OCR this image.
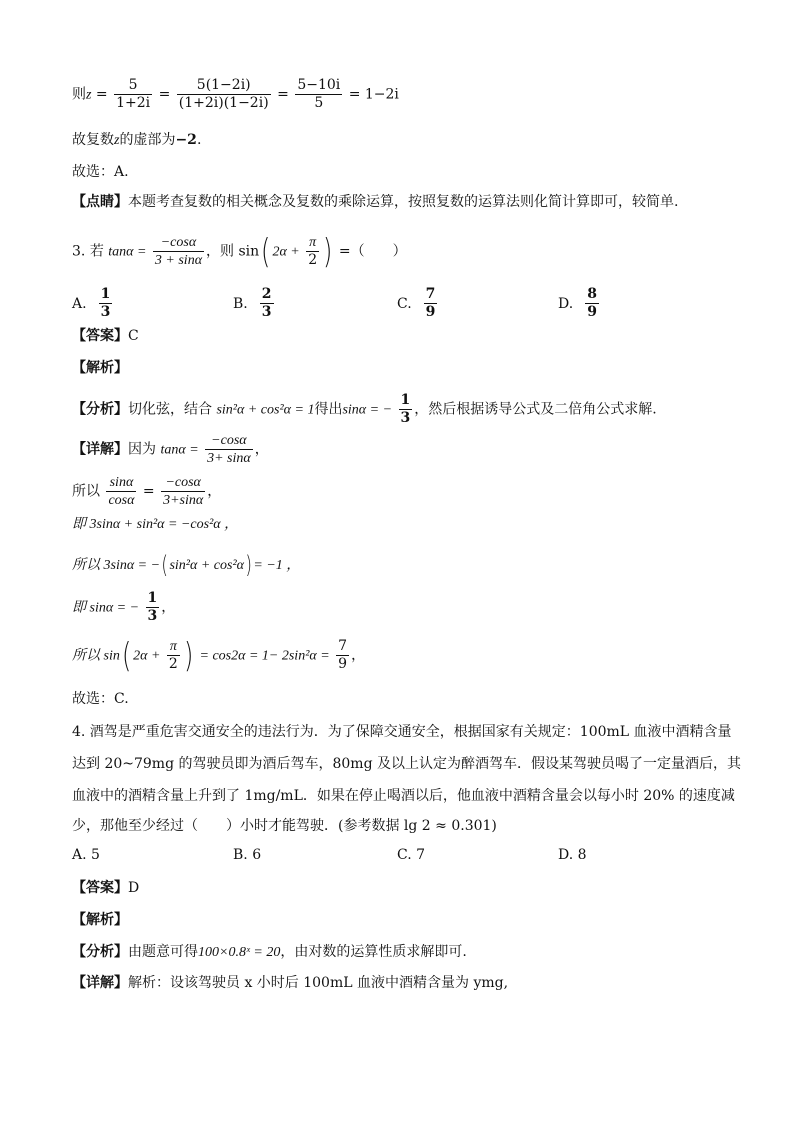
则$z = \frac{5}{1+2i} = \frac{5(1-2i)}{(1+2i)(1-2i)} = \frac{5-10i}{5} = 1-2i$
故复数z的虚部为−2.
故选：A.
【点睛】本题考查复数的相关概念及复数的乘除运算，按照复数的运算法则化简计算即可，较简单.
3. 若 $\tan\alpha = \frac{-\cos\alpha}{3 + \sin\alpha}$ ，则 sin( $2\alpha + \frac{\pi}{2}$ ) =（　　）
A. $\frac{1}{3}$	B. $\frac{2}{3}$	C. $\frac{7}{9}$	D. $\frac{8}{9}$
【答案】C
【解析】
【分析】切化弦，结合 sin²α + cos²α = 1得出sinα = − $\frac{1}{3}$ ，然后根据诱导公式及二倍角公式求解.
【详解】因为 $\tan\alpha = \frac{-\cos\alpha}{3+ \sin\alpha}$ ，
所以 $\frac{\sin\alpha}{\cos\alpha} = \frac{-\cos\alpha}{3+\sin\alpha}$ ，
即 3sinα + sin²α = −cos²α ，
所以 3sinα = −(sin²α + cos²α)= −1 ，
即 sinα = − $\frac{1}{3}$ ，
所以 sin( $2\alpha + \frac{\pi}{2}$ ) = $\cos 2\alpha = 1- 2\sin^2\alpha = \frac{7}{9}$ ，
故选：C.
4. 酒驾是严重危害交通安全的违法行为．为了保障交通安全，根据国家有关规定：100mL 血液中酒精含量
达到 20~79mg 的驾驶员即为酒后驾车，80mg 及以上认定为醉酒驾车．假设某驾驶员喝了一定量酒后，其
血液中的酒精含量上升到了 1mg/mL．如果在停止喝酒以后，他血液中酒精含量会以每小时 20% 的速度减
少，那他至少经过（　　）小时才能驾驶．(参考数据 lg 2 ≈ 0.301)
A. 5	B. 6	C. 7	D. 8
【答案】D
【解析】
【分析】由题意可得100×0.8ˣ = 20，由对数的运算性质求解即可.
【详解】解析：设该驾驶员 x 小时后 100mL 血液中酒精含量为 ymg,
